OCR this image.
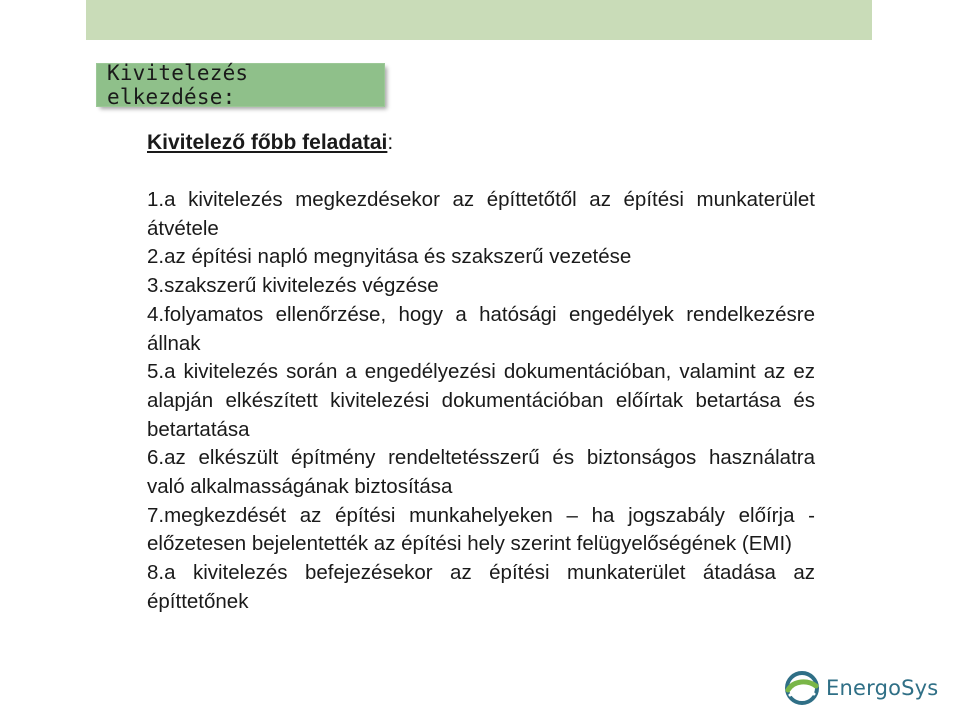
Kivitelezés elkezdése:
Kivitelező főbb feladatai:
1.a kivitelezés megkezdésekor az építtetőtől az építési munkaterület átvétele
2.az építési napló megnyitása és szakszerű vezetése
3.szakszerű kivitelezés végzése
4.folyamatos ellenőrzése, hogy a hatósági engedélyek rendelkezésre állnak
5.a kivitelezés során a engedélyezési dokumentációban, valamint az ez alapján elkészített kivitelezési dokumentációban előírtak betartása és betartatása
6.az elkészült építmény rendeltetésszerű és biztonságos használatra való alkalmasságának biztosítása
7.megkezdését az építési munkahelyeken – ha jogszabály előírja - előzetesen bejelentették az építési hely szerint felügyelőségének (EMI)
8.a kivitelezés befejezésekor az építési munkaterület átadása az építtetőnek
EnergoSys
